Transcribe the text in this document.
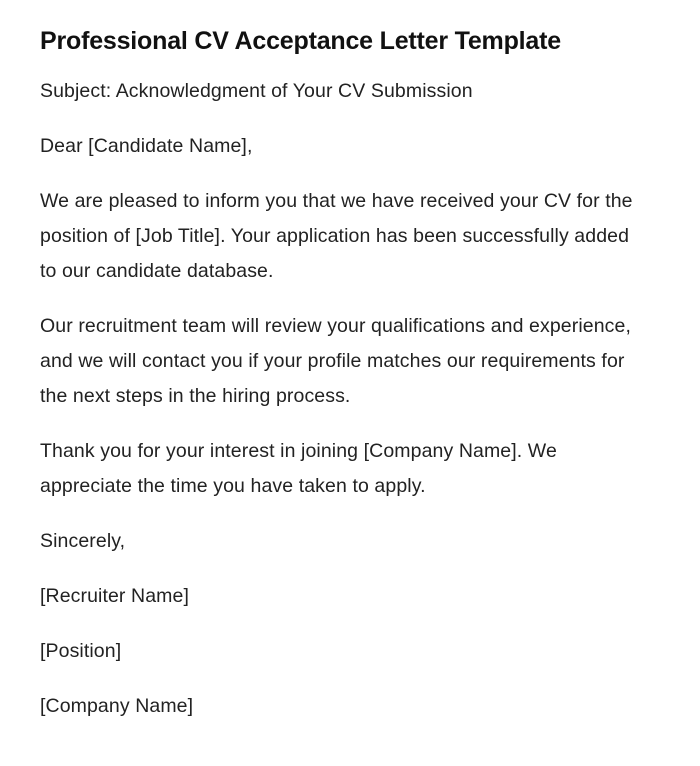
Professional CV Acceptance Letter Template

Subject: Acknowledgment of Your CV Submission

Dear [Candidate Name],

We are pleased to inform you that we have received your CV for the position of [Job Title]. Your application has been successfully added to our candidate database.

Our recruitment team will review your qualifications and experience, and we will contact you if your profile matches our requirements for the next steps in the hiring process.

Thank you for your interest in joining [Company Name]. We appreciate the time you have taken to apply.

Sincerely,

[Recruiter Name]

[Position]

[Company Name]
